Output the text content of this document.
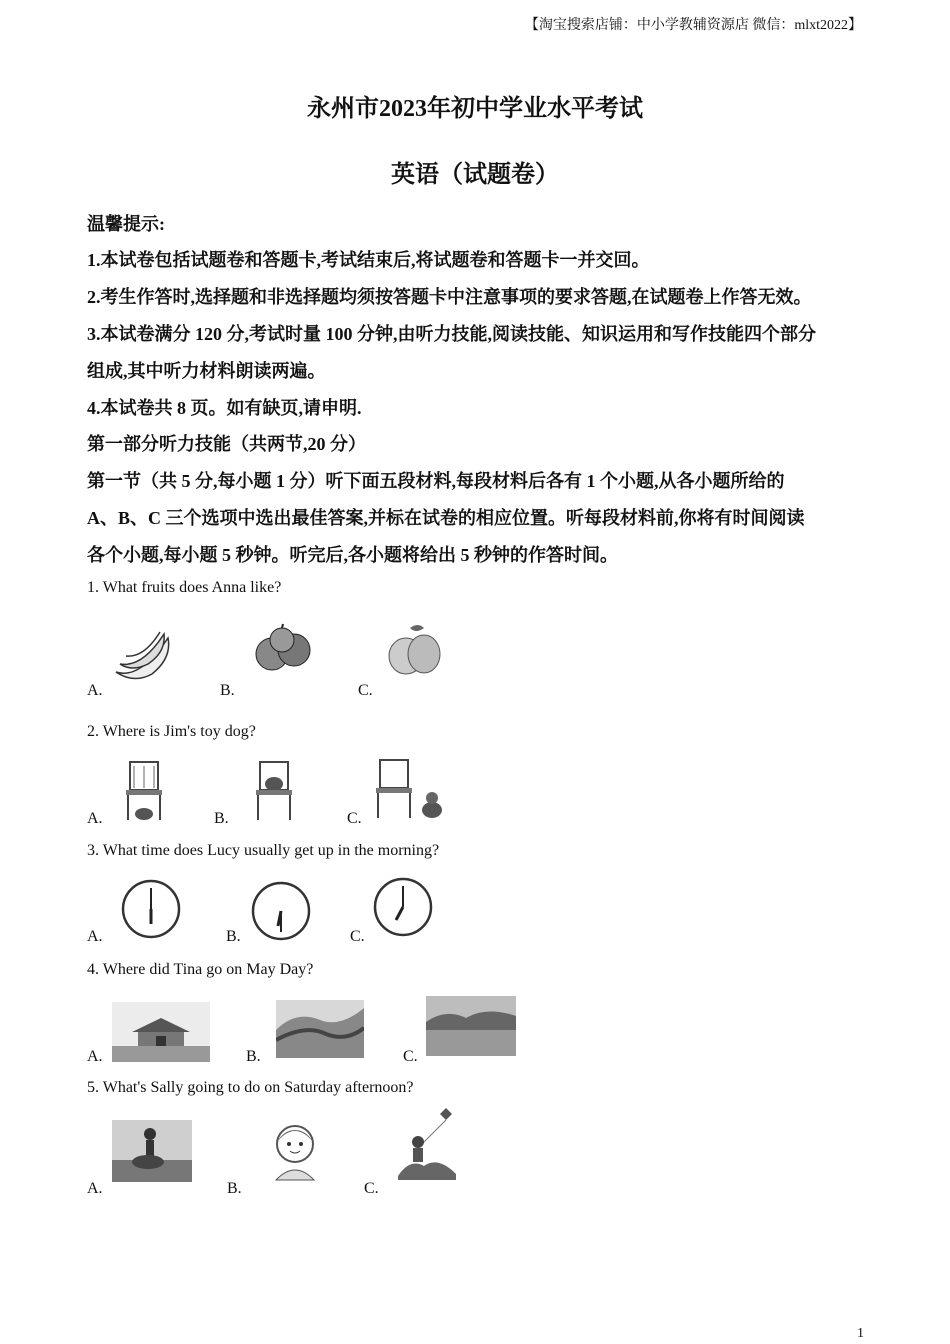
【淘宝搜索店铺：中小学教辅资源店 微信：mlxt2022】
永州市2023年初中学业水平考试
英语（试题卷）
温馨提示:
1.本试卷包括试题卷和答题卡,考试结束后,将试题卷和答题卡一并交回。
2.考生作答时,选择题和非选择题均须按答题卡中注意事项的要求答题,在试题卷上作答无效。
3.本试卷满分 120 分,考试时量 100 分钟,由听力技能,阅读技能、知识运用和写作技能四个部分
组成,其中听力材料朗读两遍。
4.本试卷共 8 页。如有缺页,请申明.
第一部分听力技能（共两节,20 分）
第一节（共 5 分,每小题 1 分）听下面五段材料,每段材料后各有 1 个小题,从各小题所给的
A、B、C 三个选项中选出最佳答案,并标在试卷的相应位置。听每段材料前,你将有时间阅读
各个小题,每小题 5 秒钟。听完后,各小题将给出 5 秒钟的作答时间。
1. What fruits does Anna like?
A.	B.	C.
2. Where is Jim's toy dog?
A.	B.	C.
3. What time does Lucy usually get up in the morning?
A.	B.	C.
4. Where did Tina go on May Day?
A.	B.	C.
5. What's Sally going to do on Saturday afternoon?
A.	B.	C.
1
